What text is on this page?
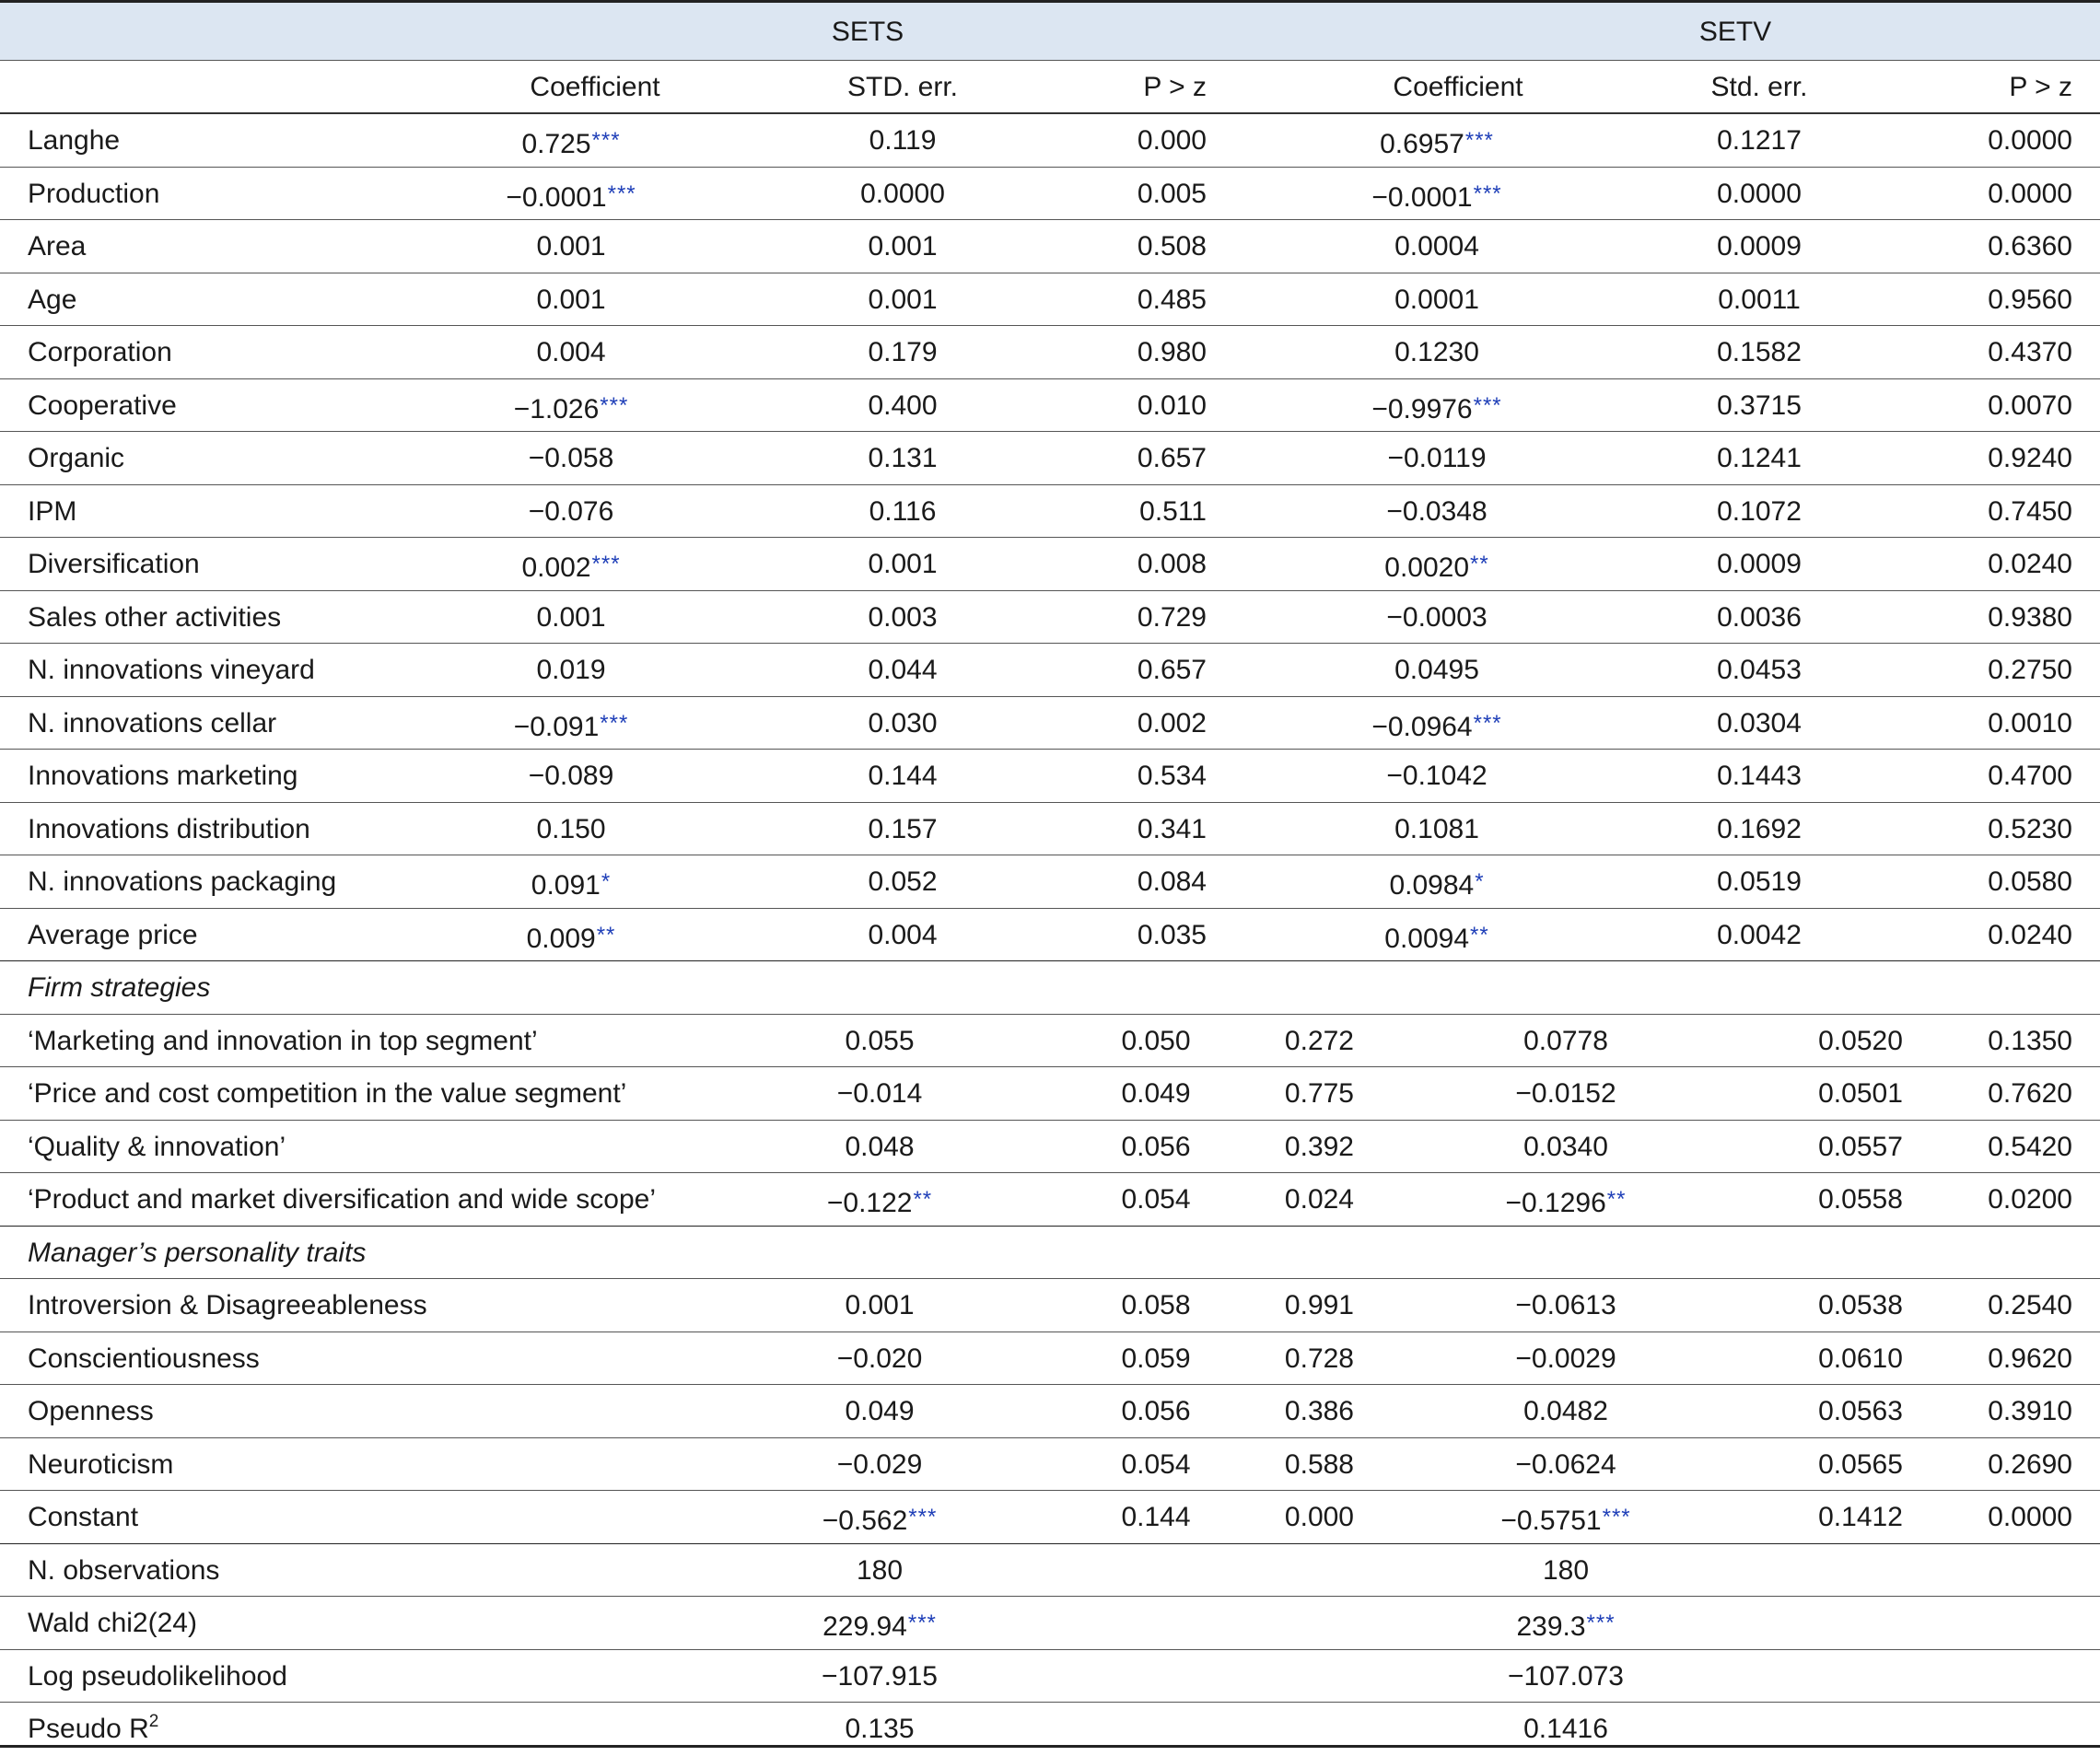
SETS	SETV
Coefficient	STD. err.	P > z	Coefficient	Std. err.	P > z
Langhe	0.725***	0.119	0.000	0.6957***	0.1217	0.0000
Production	−0.0001***	0.0000	0.005	−0.0001***	0.0000	0.0000
Area	0.001	0.001	0.508	0.0004	0.0009	0.6360
Age	0.001	0.001	0.485	0.0001	0.0011	0.9560
Corporation	0.004	0.179	0.980	0.1230	0.1582	0.4370
Cooperative	−1.026***	0.400	0.010	−0.9976***	0.3715	0.0070
Organic	−0.058	0.131	0.657	−0.0119	0.1241	0.9240
IPM	−0.076	0.116	0.511	−0.0348	0.1072	0.7450
Diversification	0.002***	0.001	0.008	0.0020**	0.0009	0.0240
Sales other activities	0.001	0.003	0.729	−0.0003	0.0036	0.9380
N. innovations vineyard	0.019	0.044	0.657	0.0495	0.0453	0.2750
N. innovations cellar	−0.091***	0.030	0.002	−0.0964***	0.0304	0.0010
Innovations marketing	−0.089	0.144	0.534	−0.1042	0.1443	0.4700
Innovations distribution	0.150	0.157	0.341	0.1081	0.1692	0.5230
N. innovations packaging	0.091*	0.052	0.084	0.0984*	0.0519	0.0580
Average price	0.009**	0.004	0.035	0.0094**	0.0042	0.0240
Firm strategies
‘Marketing and innovation in top segment’	0.055	0.050	0.272	0.0778	0.0520	0.1350
‘Price and cost competition in the value segment’	−0.014	0.049	0.775	−0.0152	0.0501	0.7620
‘Quality & innovation’	0.048	0.056	0.392	0.0340	0.0557	0.5420
‘Product and market diversification and wide scope’	−0.122**	0.054	0.024	−0.1296**	0.0558	0.0200
Manager’s personality traits
Introversion & Disagreeableness	0.001	0.058	0.991	−0.0613	0.0538	0.2540
Conscientiousness	−0.020	0.059	0.728	−0.0029	0.0610	0.9620
Openness	0.049	0.056	0.386	0.0482	0.0563	0.3910
Neuroticism	−0.029	0.054	0.588	−0.0624	0.0565	0.2690
Constant	−0.562***	0.144	0.000	−0.5751***	0.1412	0.0000
N. observations	180	180
Wald chi2(24)	229.94***	239.3***
Log pseudolikelihood	−107.915	−107.073
Pseudo $R^2$	0.135	0.1416
